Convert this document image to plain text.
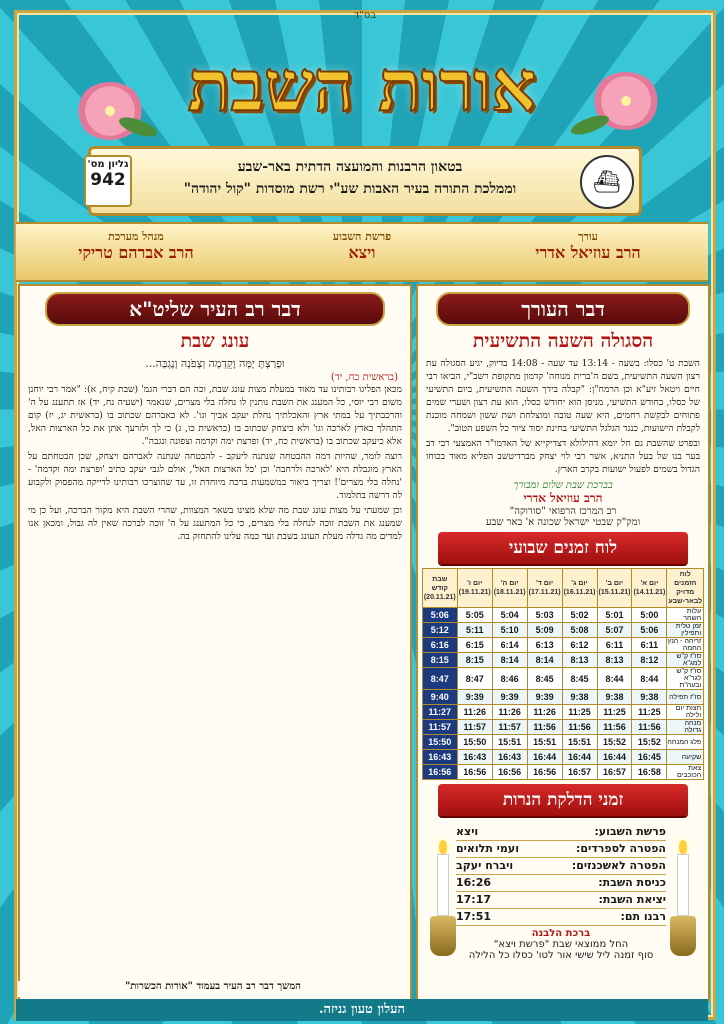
בס"ד
אורות השבת
בטאון הרבנות והמועצה הדתית באר-שבע
וממלכת התורה בעיר האבות שע"י רשת מוסדות "קול יהודה"
גליון מס'
942	⛴
עורך
הרב עוזיאל אדרי
פרשת השבוע
ויצא
מנהל מערכת
הרב אברהם טריקי
דבר העורך
הסגולה השעה התשיעית

השבת ט' כסלו: בשעה - 13:14 עד שעה - 14:08 בדיוק, יגיע הסגולה עת רצון השעה התשיעית, בשם ה'ברית מנוחה' קדמון מתקופת רשב"י, הביאו רבי חיים ויטאל זיע"א וכן הרמח"ן: "קבלה בידך השעה התשיעית, ביום התשיעי של כסלו, בחודש התשיעי, מניסן הוא יחודש כסלו, הוא עת רצון ושערי שמים פתוחים לבקשת רחמים, היא שעה טובה ומוצלחת ושת ששון ושמחה מוכנת לקבלת הישועות, כנגד הגלגל התשיעי בחינת יסוד ציור כל השפע הטוב".

ובפרט שהשבת גם חל יומא דהילולא דצדיקייא של האדמו"ר האמצעי רבי דב בער בנו של בעל התניא, אשר רבי לוי יצחק מברדיטשב הפליא מאוד בכוחו הגדול בשמים לפעול ישועות בקרב הארץ.

בברכת שבת שלום ומבורך
הרב עוזיאל אדרי
רב המרכז הרפואי "סורוקה"
ומק"ק שבטי ישראל שכונה א' באר שבע
לוח זמנים שבועי
לוח הזמנים מדויק לבאר-שבע	יום א' (14.11.21)	יום ב' (15.11.21)	יום ג' (16.11.21)	יום ד' (17.11.21)	יום ה' (18.11.21)	יום ו' (19.11.21)	שבת קודש (20.11.21)
עלות השחר	5:00	5:01	5:02	5:03	5:04	5:05	5:06
זמן טלית ותפילין	5:06	5:07	5:08	5:09	5:10	5:11	5:12
זריחה - הנץ החמה	6:11	6:11	6:12	6:13	6:14	6:15	6:16
סו"ז ק"ש למג"א	8:12	8:13	8:13	8:14	8:14	8:15	8:15
סו"ז ק"ש לגר"א ובעה"ת	8:44	8:44	8:45	8:45	8:46	8:47	8:47
סו"ז תפילה	9:38	9:38	9:38	9:39	9:39	9:39	9:40
חצות יום ולילה	11:25	11:25	11:25	11:26	11:26	11:26	11:27
מנחה גדולה	11:56	11:56	11:56	11:56	11:57	11:57	11:57
פלג המנחה	15:52	15:52	15:51	15:51	15:51	15:50	15:50
שקיעה	16:45	16:44	16:44	16:44	16:43	16:43	16:43
צאת הכוכבים	16:58	16:57	16:57	16:56	16:56	16:56	16:56
זמני הדלקת הנרות
פרשת השבוע:
ויצא
הפטרה לספרדים:
ועמי תלואים
הפטרה לאשכנזים:
ויברח יעקב
כניסת השבת:
16:26
יציאת השבת:
17:17
רבנו תם:
17:51
ברכת הלבנה
החל ממוצאי שבת "פרשת ויצא"
סוף זמנה ליל שישי אור לטו' כסלו כל הלילה
דבר רב העיר שליט"א
עונג שבת
וּפָרַצְתָּ יָמָּה וָקֵדְמָה וְצָפֹנָה וָנֶגְבָּה...
(בראשית כח, יד)

מכאן הפליגו רבותינו עד מאוד במעלת מצות עונג שבת, וכה הם דברי הגמ' (שבת קיח, א): "אמר רבי יוחנן משום רבי יוסי, כל המענג את השבת נותנין לו נחלה בלי מצרים, שנאמר (ישעיה נח, יד) אז תתענג על ה' והרכבתיך על במתי ארץ והאכלתיך נחלת יעקב אביך וגו'. לא כאברהם שכתוב בו (בראשית יג, יז) קום התהלך בארץ לארכה וגו' ולא כיצחק שכתוב בו (בראשית כו, ג) כי לך ולזרעך אתן את כל הארצות האל, אלא כיעקב שכתוב בו (בראשית כח, יד) ופרצת ימה וקדמה וצפונה ונגבה".

רוצה לומר, שהיות דמה ההבטחה שנתנה ליעקב - להבטחה שנתנה לאברהם ויצחק, שכן הבטחתם על הארץ מוגבלת היא 'לארכה ולרחבה' וכן 'כל הארצות האל', אולם לגבי יעקב כתיב 'ופרצת ימה וקדמה' - 'נחלה בלי מצרים'! וצריך ביאור במשמעות ברכה מיוחדת זו, עד שהוצרכו רבותינו לדייקה מהפסוק ולקבוע לה דרשה בתלמוד.

וכן שמעתי על מצות עונג שבת מה שלא מצינו בשאר המצוות, שהרי השבת היא מקור הברכה, ועל כן מי שמענג את השבת זוכה לנחלה בלי מצרים, כי כל המתענג על ה' זוכה לברכה שאין לה גבול, ומכאן אנו למדים מה גדלה מעלת העונג בשבת ועד כמה עלינו להתחזק בה.

המשך דבר רב העיר בעמוד "אורות הכשרות"
העלון טעון גניזה.
